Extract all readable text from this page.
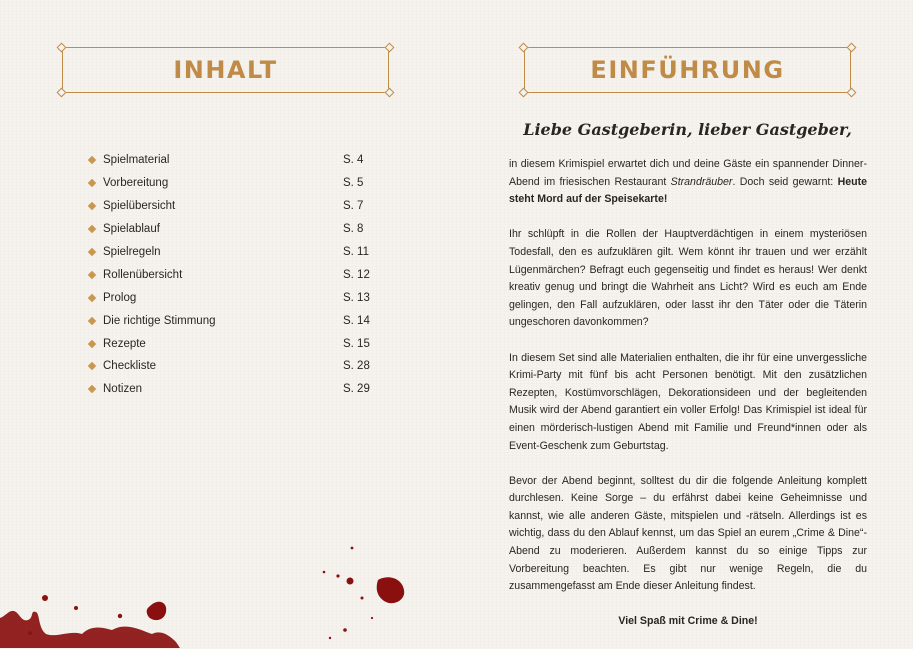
INHALT
Spielmaterial	S. 4
Vorbereitung	S. 5
Spielübersicht	S. 7
Spielablauf	S. 8
Spielregeln	S. 11
Rollenübersicht	S. 12
Prolog	S. 13
Die richtige Stimmung	S. 14
Rezepte	S. 15
Checkliste	S. 28
Notizen	S. 29
EINFÜHRUNG
Liebe Gastgeberin, lieber Gastgeber,

in diesem Krimispiel erwartet dich und deine Gäste ein spannender Dinner-Abend im friesischen Restaurant Strandräuber. Doch seid gewarnt: Heute steht Mord auf der Speisekarte!

Ihr schlüpft in die Rollen der Hauptverdächtigen in einem mysteriösen Todesfall, den es aufzuklären gilt. Wem könnt ihr trauen und wer erzählt Lügenmärchen? Befragt euch gegenseitig und findet es heraus! Wer denkt kreativ genug und bringt die Wahrheit ans Licht? Wird es euch am Ende gelingen, den Fall aufzuklären, oder lasst ihr den Täter oder die Täterin ungeschoren davonkommen?

In diesem Set sind alle Materialien enthalten, die ihr für eine unvergessliche Krimi-Party mit fünf bis acht Personen benötigt. Mit den zusätzlichen Rezepten, Kostümvorschlägen, Dekorationsideen und der begleitenden Musik wird der Abend garantiert ein voller Erfolg! Das Krimispiel ist ideal für einen mörderisch-lustigen Abend mit Familie und Freund*innen oder als Event-Geschenk zum Geburtstag.

Bevor der Abend beginnt, solltest du dir die folgende Anleitung komplett durchlesen. Keine Sorge – du erfährst dabei keine Geheimnisse und kannst, wie alle anderen Gäste, mitspielen und -rätseln. Allerdings ist es wichtig, dass du den Ablauf kennst, um das Spiel an eurem „Crime & Dine“-Abend zu moderieren. Außerdem kannst du so einige Tipps zur Vorbereitung beachten. Es gibt nur wenige Regeln, die du zusammengefasst am Ende dieser Anleitung findest.

Viel Spaß mit Crime & Dine!
